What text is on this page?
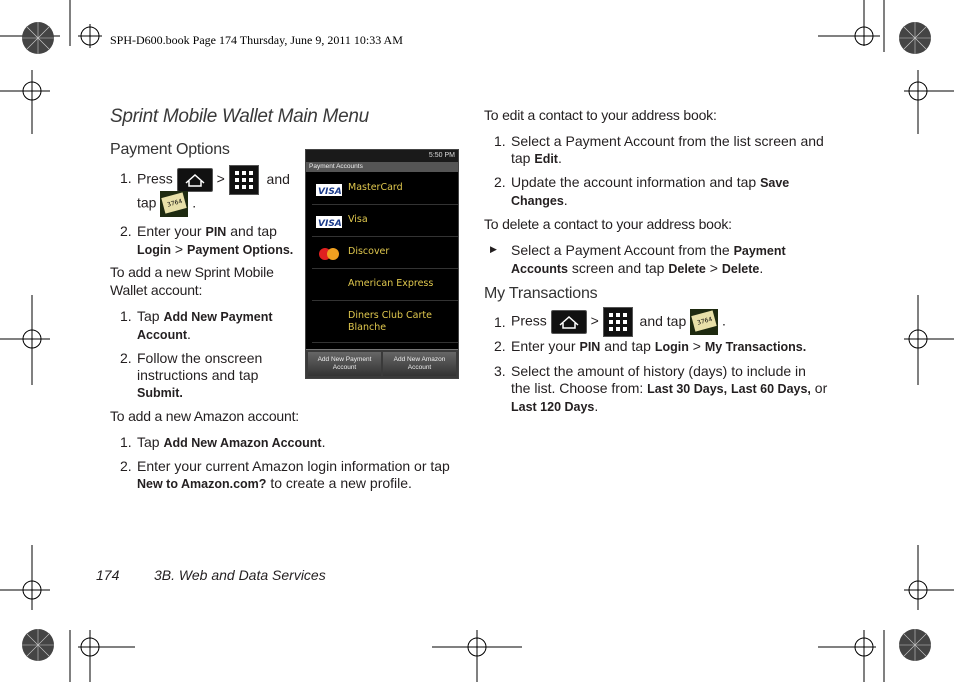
SPH-D600.book Page 174 Thursday, June 9, 2011 10:33 AM
Sprint Mobile Wallet Main Menu
Payment Options
1. Press	>	and
tap 3764 .
2. Enter your PIN and tap
Login > Payment Options.
To add a new Sprint Mobile Wallet account:
1. Tap Add New Payment
Account.
2. Follow the onscreen
instructions and tap
Submit.
To add a new Amazon account:
1. Tap Add New Amazon Account.
2. Enter your current Amazon login information or tap
New to Amazon.com? to create a new profile.
5:50 PM
Payment Accounts
VISA MasterCard
VISA Visa
Discover
American Express
Diners Club Carte Blanche
Add New Payment Account
Add New Amazon Account
To edit a contact to your address book:
1. Select a Payment Account from the list screen and
tap Edit.
2. Update the account information and tap Save
Changes.
To delete a contact to your address book:
▶ Select a Payment Account from the Payment
Accounts screen and tap Delete > Delete.
My Transactions
1. Press	>	and tap 3764 .
2. Enter your PIN and tap Login > My Transactions.
3. Select the amount of history (days) to include in
the list. Choose from: Last 30 Days, Last 60 Days, or
Last 120 Days.
174 3B. Web and Data Services
